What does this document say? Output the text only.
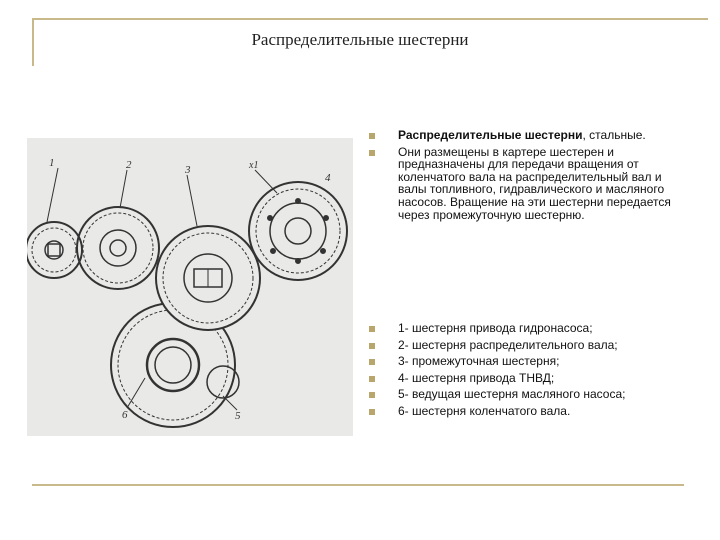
Распределительные шестерни
1	2	3	x1
4
6	5
Распределительные шестерни, стальные.
Они размещены в картере шестерен и предназначены для передачи вращения от коленчатого вала на распределительный вал и валы топливного, гидравлического и масляного насосов. Вращение на эти шестерни передается через промежуточную шестерню.
1- шестерня привода гидронасоса;
2- шестерня распределительного вала;
3- промежуточная шестерня;
4- шестерня привода ТНВД;
5- ведущая шестерня масляного насоса;
6- шестерня коленчатого вала.
